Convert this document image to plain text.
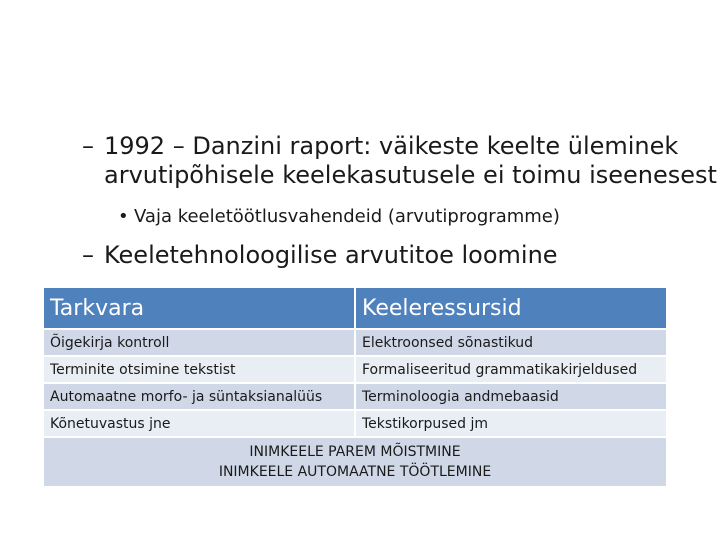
– 1992 – Danzini raport: väikeste keelte üleminek
arvutipõhisele keelekasutusele ei toimu iseenesest
• Vaja keeletöötlusvahendeid (arvutiprogramme)
– Keeletehnoloogilise arvutitoe loomine
Tarkvara	Keeleressursid
Õigekirja kontroll	Elektroonsed sõnastikud
Terminite otsimine tekstist	Formaliseeritud grammatikakirjeldused
Automaatne morfo- ja süntaksianalüüs	Terminoloogia andmebaasid
Kõnetuvastus jne	Tekstikorpused jm

INIMKEELE PAREM MÕISTMINE
INIMKEELE AUTOMAATNE TÖÖTLEMINE	
